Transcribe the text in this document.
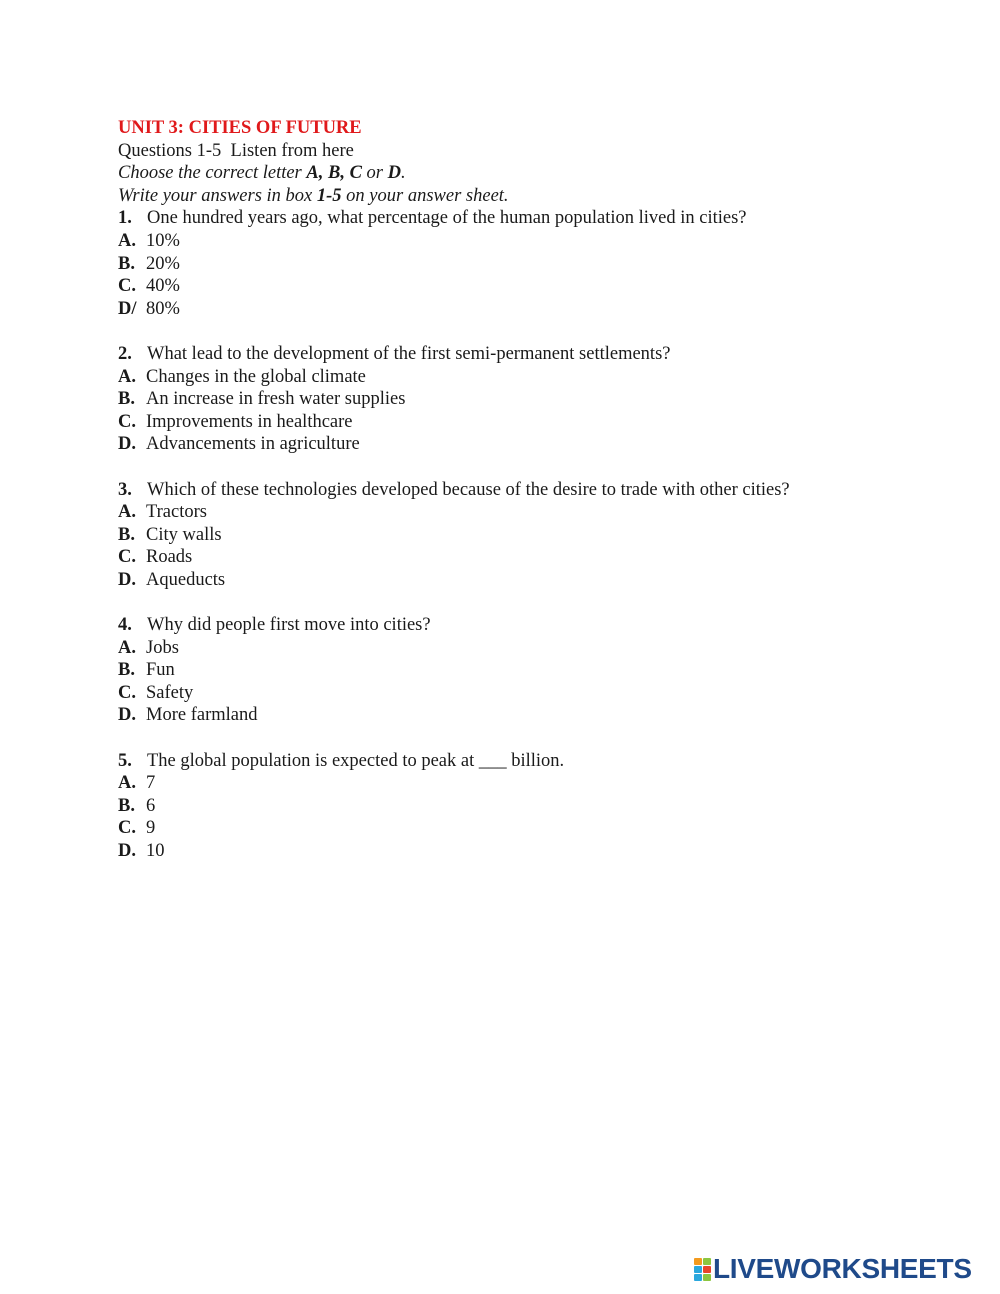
UNIT 3: CITIES OF FUTURE
Questions 1-5  Listen from here
Choose the correct letter A, B, C or D.
Write your answers in box 1-5 on your answer sheet.
1. One hundred years ago, what percentage of the human population lived in cities?
A. 10%
B. 20%
C. 40%
D/ 80%
2. What lead to the development of the first semi-permanent settlements?
A. Changes in the global climate
B. An increase in fresh water supplies
C. Improvements in healthcare
D. Advancements in agriculture
3. Which of these technologies developed because of the desire to trade with other cities?
A. Tractors
B. City walls
C. Roads
D. Aqueducts
4. Why did people first move into cities?
A. Jobs
B. Fun
C. Safety
D. More farmland
5. The global population is expected to peak at ___ billion.
A. 7
B. 6
C. 9
D. 10
LIVEWORKSHEETS
